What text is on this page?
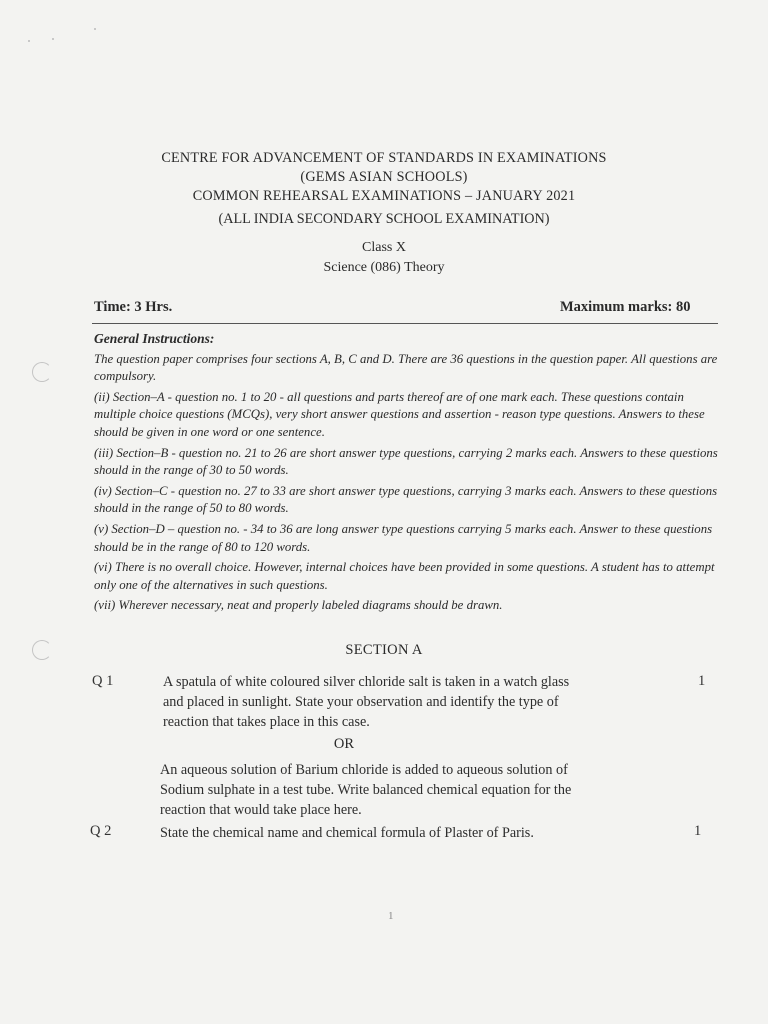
CENTRE FOR ADVANCEMENT OF STANDARDS IN EXAMINATIONS
(GEMS ASIAN SCHOOLS)
COMMON REHEARSAL EXAMINATIONS – JANUARY 2021
(ALL INDIA SECONDARY SCHOOL EXAMINATION)
Class X
Science (086) Theory
Time: 3 Hrs.	Maximum marks: 80
General Instructions:

The question paper comprises four sections A, B, C and D. There are 36 questions in the question paper. All questions are compulsory.

(ii) Section–A - question no. 1 to 20 - all questions and parts thereof are of one mark each. These questions contain multiple choice questions (MCQs), very short answer questions and assertion - reason type questions. Answers to these should be given in one word or one sentence.

(iii) Section–B - question no. 21 to 26 are short answer type questions, carrying 2 marks each. Answers to these questions should in the range of 30 to 50 words.

(iv) Section–C - question no. 27 to 33 are short answer type questions, carrying 3 marks each. Answers to these questions should in the range of 50 to 80 words.

(v) Section–D – question no. - 34 to 36 are long answer type questions carrying 5 marks each. Answer to these questions should be in the range of 80 to 120 words.

(vi) There is no overall choice. However, internal choices have been provided in some questions. A student has to attempt only one of the alternatives in such questions.

(vii) Wherever necessary, neat and properly labeled diagrams should be drawn.

SECTION A
Q 1	A spatula of white coloured silver chloride salt is taken in a watch glass
and placed in sunlight. State your observation and identify the type of
reaction that takes place in this case.
1
OR
An aqueous solution of Barium chloride is added to aqueous solution of
Sodium sulphate in a test tube. Write balanced chemical equation for the
reaction that would take place here.
Q 2	State the chemical name and chemical formula of Plaster of Paris.	1
1
